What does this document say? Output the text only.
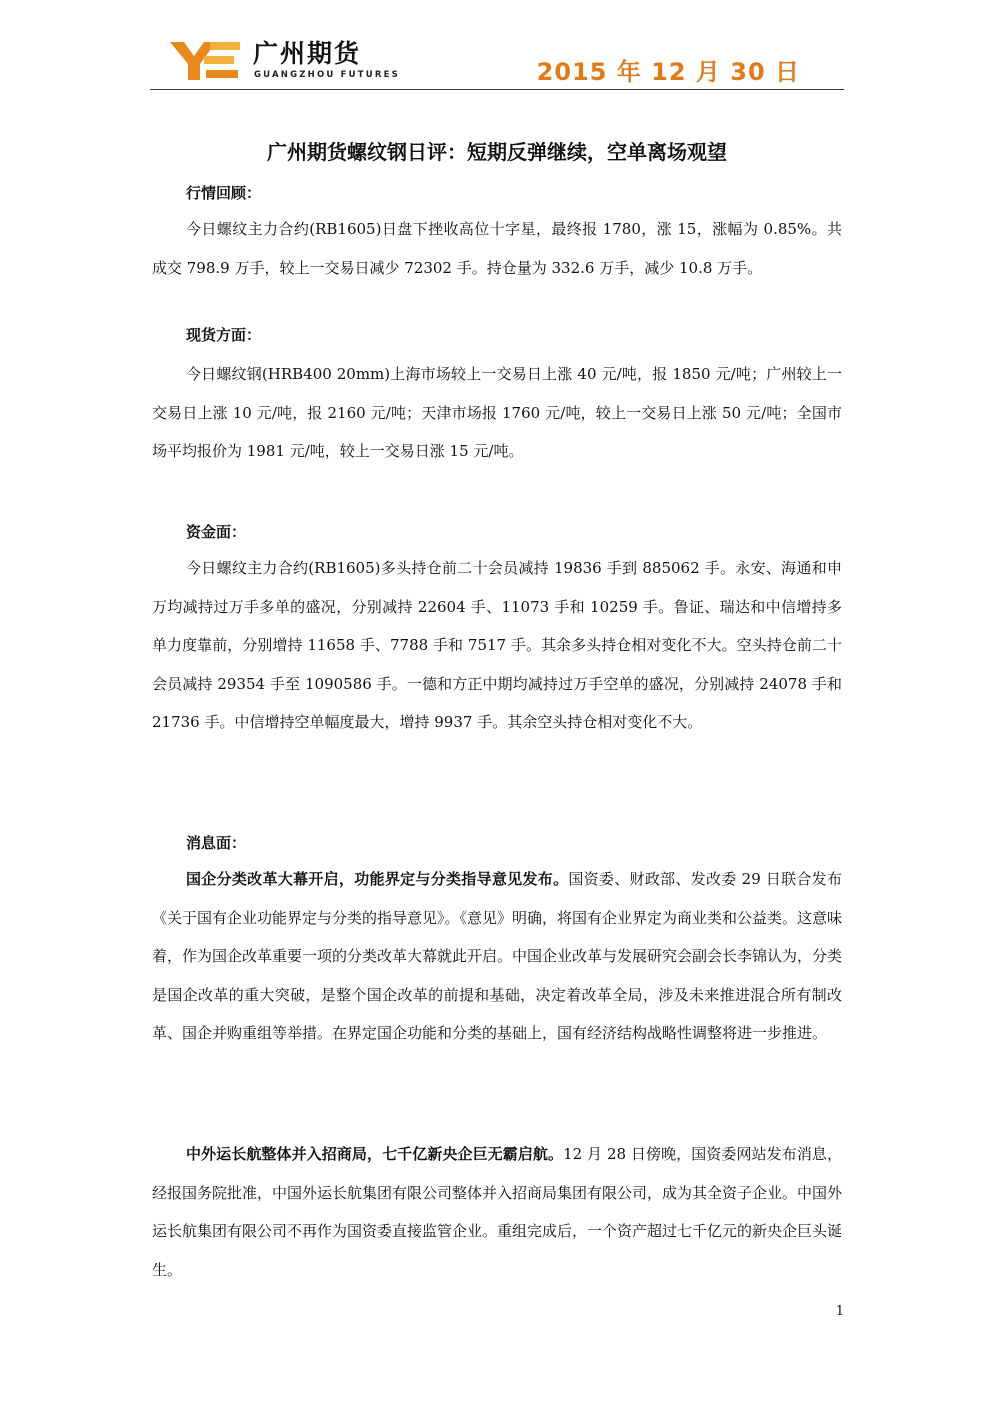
广州期货
GUANGZHOU FUTURES	2015 年 12 月 30 日
广州期货螺纹钢日评：短期反弹继续，空单离场观望
行情回顾：
今日螺纹主力合约(RB1605)日盘下挫收高位十字星，最终报 1780，涨 15，涨幅为 0.85%。共成交 798.9 万手，较上一交易日减少 72302 手。持仓量为 332.6 万手，减少 10.8 万手。
现货方面：
今日螺纹钢(HRB400 20mm)上海市场较上一交易日上涨 40 元/吨，报 1850 元/吨；广州较上一交易日上涨 10 元/吨，报 2160 元/吨；天津市场报 1760 元/吨，较上一交易日上涨 50 元/吨；全国市场平均报价为 1981 元/吨，较上一交易日涨 15 元/吨。
资金面：
今日螺纹主力合约(RB1605)多头持仓前二十会员减持 19836 手到 885062 手。永安、海通和申万均减持过万手多单的盛况，分别减持 22604 手、11073 手和 10259 手。鲁证、瑞达和中信增持多单力度靠前，分别增持 11658 手、7788 手和 7517 手。其余多头持仓相对变化不大。空头持仓前二十会员减持 29354 手至 1090586 手。一德和方正中期均减持过万手空单的盛况，分别减持 24078 手和 21736 手。中信增持空单幅度最大，增持 9937 手。其余空头持仓相对变化不大。
消息面：
国企分类改革大幕开启，功能界定与分类指导意见发布。国资委、财政部、发改委 29 日联合发布《关于国有企业功能界定与分类的指导意见》。《意见》明确，将国有企业界定为商业类和公益类。这意味着，作为国企改革重要一项的分类改革大幕就此开启。中国企业改革与发展研究会副会长李锦认为，分类是国企改革的重大突破，是整个国企改革的前提和基础，决定着改革全局，涉及未来推进混合所有制改革、国企并购重组等举措。在界定国企功能和分类的基础上，国有经济结构战略性调整将进一步推进。
中外运长航整体并入招商局，七千亿新央企巨无霸启航。12 月 28 日傍晚，国资委网站发布消息，经报国务院批准，中国外运长航集团有限公司整体并入招商局集团有限公司，成为其全资子企业。中国外运长航集团有限公司不再作为国资委直接监管企业。重组完成后，一个资产超过七千亿元的新央企巨头诞生。
1
